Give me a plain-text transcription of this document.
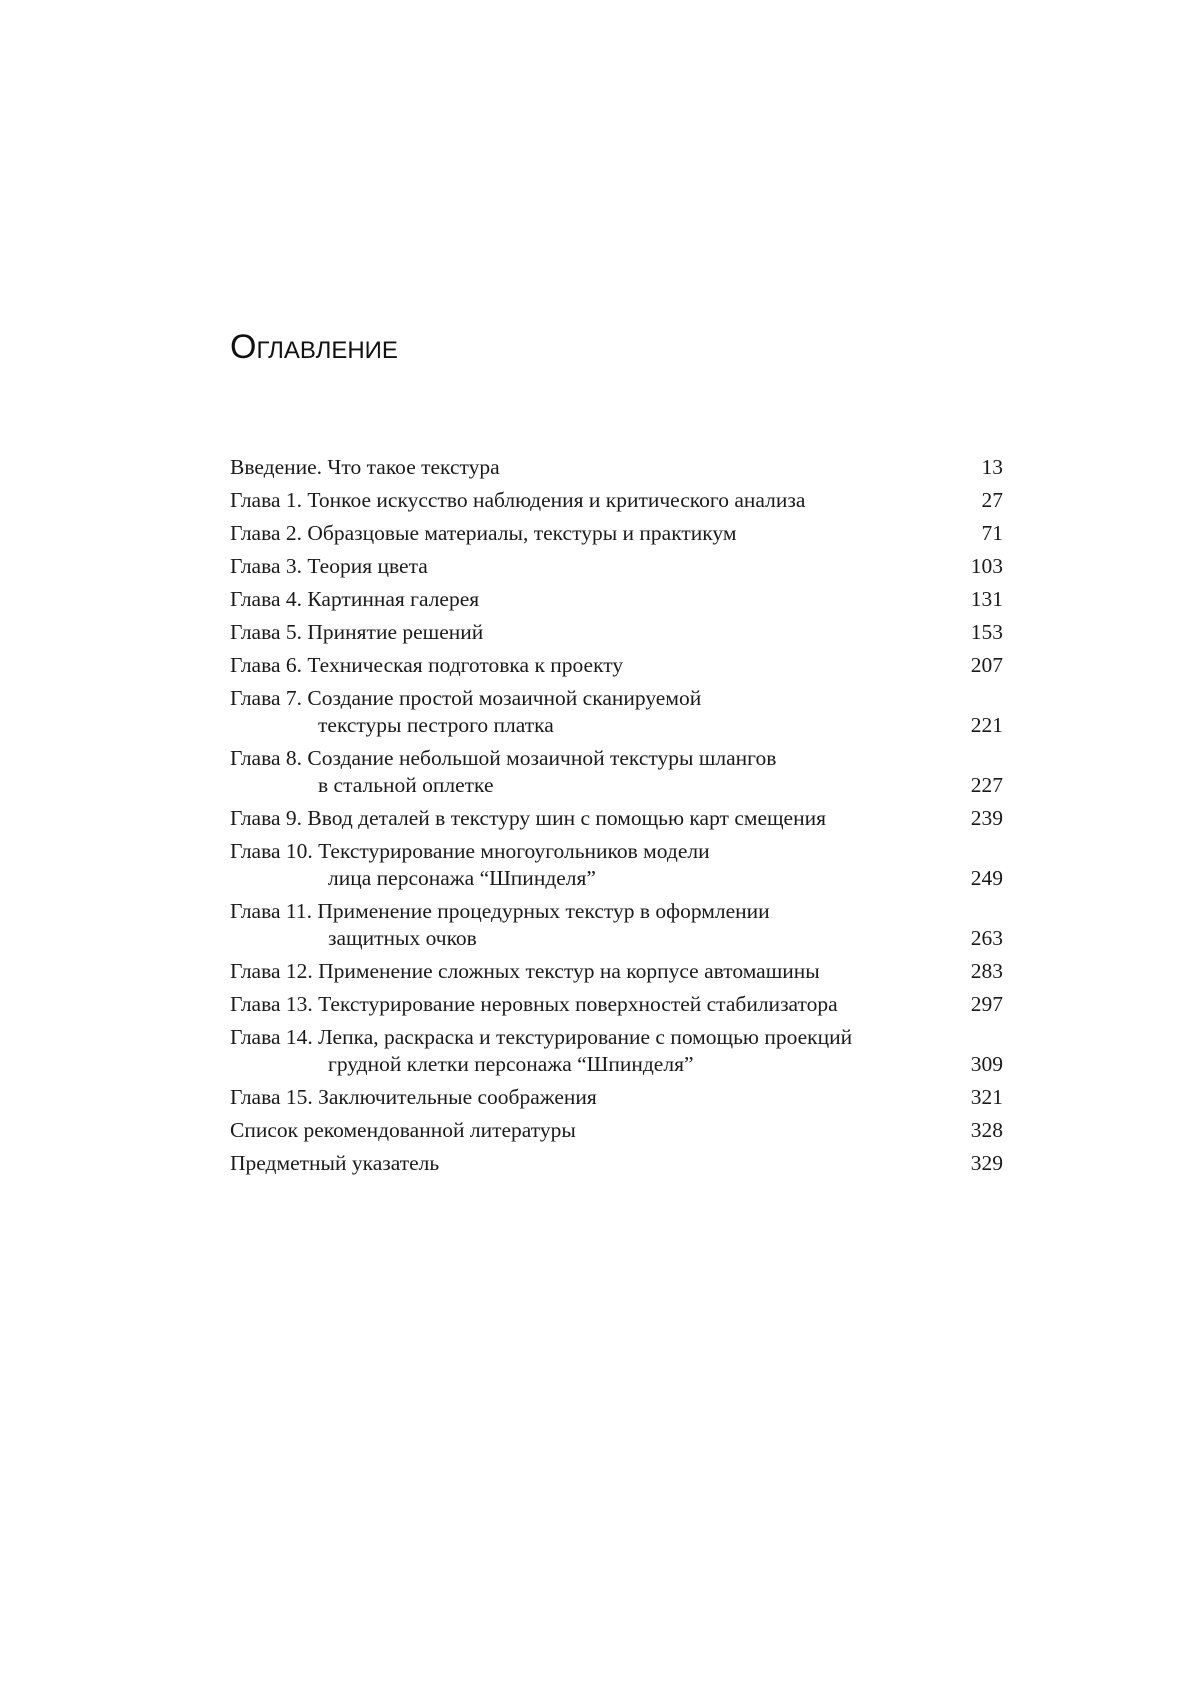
Оглавление
Введение. Что такое текстура	13
Глава 1. Тонкое искусство наблюдения и критического анализа	27
Глава 2. Образцовые материалы, текстуры и практикум	71
Глава 3. Теория цвета	103
Глава 4. Картинная галерея	131
Глава 5. Принятие решений	153
Глава 6. Техническая подготовка к проекту	207
Глава 7. Создание простой мозаичной сканируемой
текстуры пестрого платка	221
Глава 8. Создание небольшой мозаичной текстуры шлангов
в стальной оплетке	227
Глава 9. Ввод деталей в текстуру шин с помощью карт смещения	239
Глава 10. Текстурирование многоугольников модели
лица персонажа “Шпинделя”	249
Глава 11. Применение процедурных текстур в оформлении
защитных очков	263
Глава 12. Применение сложных текстур на корпусе автомашины	283
Глава 13. Текстурирование неровных поверхностей стабилизатора	297
Глава 14. Лепка, раскраска и текстурирование с помощью проекций
грудной клетки персонажа “Шпинделя”	309
Глава 15. Заключительные соображения	321
Список рекомендованной литературы	328
Предметный указатель	329
